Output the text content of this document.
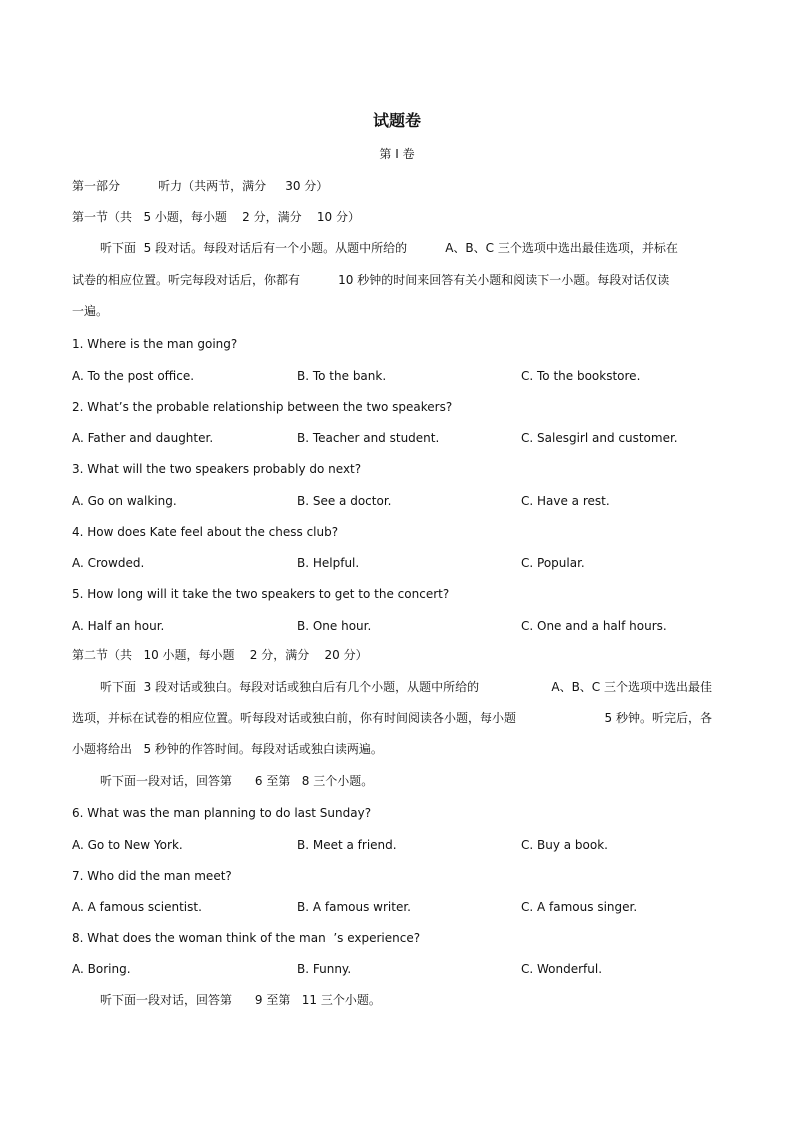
试题卷
第 I 卷
第一部分          听力（共两节，满分     30 分）
第一节（共   5 小题，每小题    2 分，满分    10 分）
听下面  5 段对话。每段对话后有一个小题。从题中所给的          A、B、C 三个选项中选出最佳选项，并标在
试卷的相应位置。听完每段对话后，你都有          10 秒钟的时间来回答有关小题和阅读下一小题。每段对话仅读
一遍。
1. Where is the man going?
A. To the post office.	B. To the bank.	C. To the bookstore.
2. What’s the probable relationship between the two speakers?
A. Father and daughter.	B. Teacher and student.	C. Salesgirl and customer.
3. What will the two speakers probably do next?
A. Go on walking.	B. See a doctor.	C. Have a rest.
4. How does Kate feel about the chess club?
A. Crowded.	B. Helpful.	C. Popular.
5. How long will it take the two speakers to get to the concert?
A. Half an hour.	B. One hour.	C. One and a half hours.
第二节（共   10 小题，每小题    2 分，满分    20 分）
听下面  3 段对话或独白。每段对话或独白后有几个小题，从题中所给的	A、B、C 三个选项中选出最佳
选项，并标在试卷的相应位置。听每段对话或独白前，你有时间阅读各小题，每小题	5 秒钟。听完后，各
小题将给出   5 秒钟的作答时间。每段对话或独白读两遍。
听下面一段对话，回答第      6 至第   8 三个小题。
6. What was the man planning to do last Sunday?
A. Go to New York.	B. Meet a friend.	C. Buy a book.
7. Who did the man meet?
A. A famous scientist.	B. A famous writer.	C. A famous singer.
8. What does the woman think of the man  ’s experience?
A. Boring.	B. Funny.	C. Wonderful.
听下面一段对话，回答第      9 至第   11 三个小题。
